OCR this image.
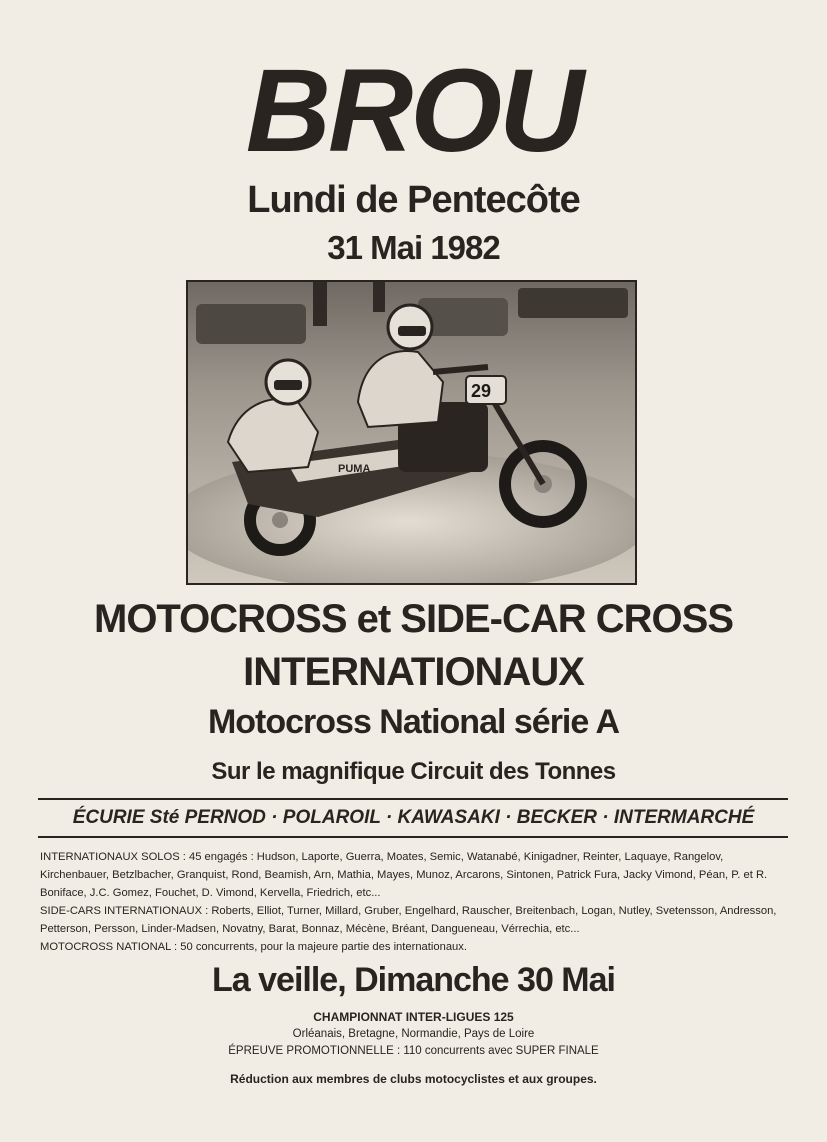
BROU
Lundi de Pentecôte
31 Mai 1982
PUMA
29
MOTOCROSS et SIDE-CAR CROSS
INTERNATIONAUX
Motocross National série A
Sur le magnifique Circuit des Tonnes
ÉCURIE Sté PERNOD · POLAROIL · KAWASAKI · BECKER · INTERMARCHÉ

INTERNATIONAUX SOLOS : 45 engagés : Hudson, Laporte, Guerra, Moates, Semic, Watanabé, Kinigadner, Reinter, Laquaye, Rangelov, Kirchenbauer, Betzlbacher, Granquist, Rond, Beamish, Arn, Mathia, Mayes, Munoz, Arcarons, Sintonen, Patrick Fura, Jacky Vimond, Péan, P. et R. Boniface, J.C. Gomez, Fouchet, D. Vimond, Kervella, Friedrich, etc...

SIDE-CARS INTERNATIONAUX : Roberts, Elliot, Turner, Millard, Gruber, Engelhard, Rauscher, Breitenbach, Logan, Nutley, Svetensson, Andresson, Petterson, Persson, Linder-Madsen, Novatny, Barat, Bonnaz, Mécène, Bréant, Dangueneau, Vérrechia, etc...

MOTOCROSS NATIONAL : 50 concurrents, pour la majeure partie des internationaux.

La veille, Dimanche 30 Mai
CHAMPIONNAT INTER-LIGUES 125
Orléanais, Bretagne, Normandie, Pays de Loire
ÉPREUVE PROMOTIONNELLE : 110 concurrents avec SUPER FINALE
Réduction aux membres de clubs motocyclistes et aux groupes.
